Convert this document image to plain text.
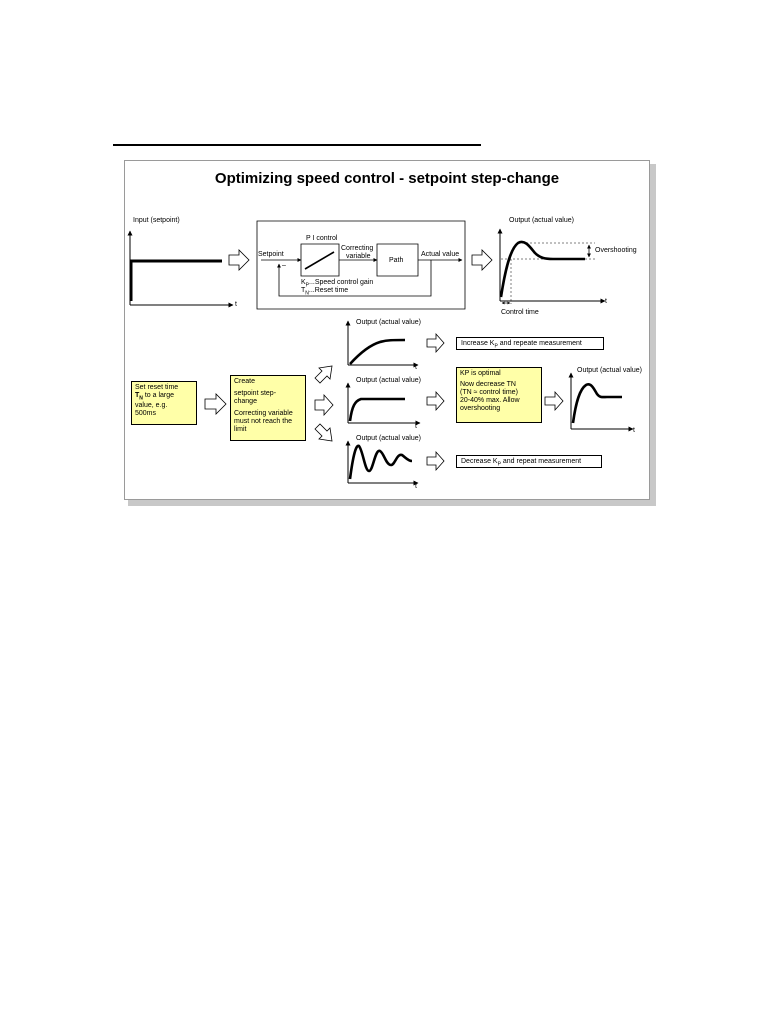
Optimizing speed control - setpoint step-change
Input (setpoint)
t
P I control
Setpoint
–
Correcting
variable
Path
Actual value
$K_P...Speed$ control gain
$T_N...Reset$ time
Output (actual value)
Overshooting
t
Control time
Set reset time
$T_N$ to a large
value, e.g.
500ms
Create
setpoint step-
change
Correcting variable
must not reach the
limit
Output (actual value)
t
Output (actual value)
t
Output (actual value)
t
Increase $K_P$ and repeate measurement
KP is optimal
Now decrease TN
(TN ≈ control time)
20-40% max. Allow
overshooting
Decrease $K_P$ and repeat measurement
Output (actual value)
t
